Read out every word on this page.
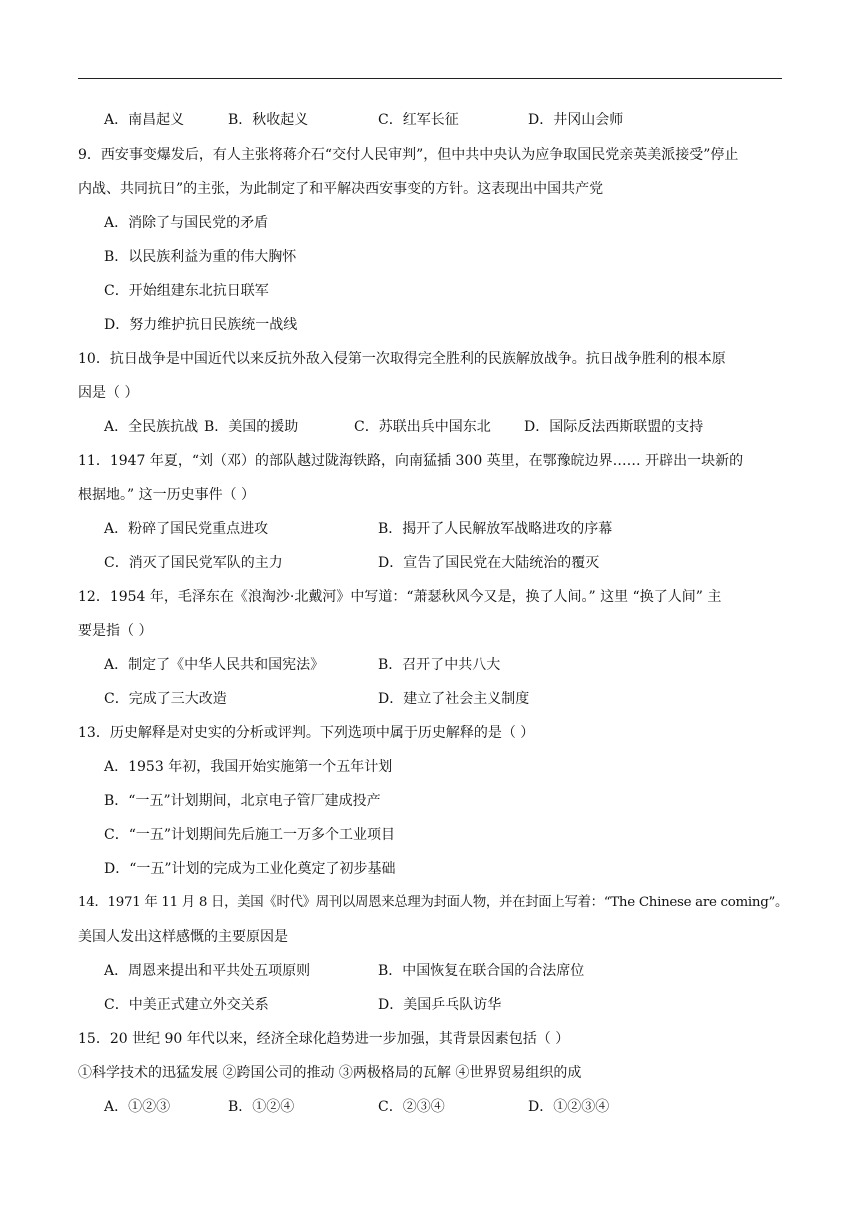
A．南昌起义	B．秋收起义	C．红军长征	D．井冈山会师
9．西安事变爆发后，有人主张将蒋介石“交付人民审判”，但中共中央认为应争取国民党亲英美派接受”停止
内战、共同抗日”的主张，为此制定了和平解决西安事变的方针。这表现出中国共产党
A．消除了与国民党的矛盾
B．以民族利益为重的伟大胸怀
C．开始组建东北抗日联军
D．努力维护抗日民族统一战线
10．抗日战争是中国近代以来反抗外敌入侵第一次取得完全胜利的民族解放战争。抗日战争胜利的根本原
因是（ ）
A．全民族抗战 B．美国的援助	C．苏联出兵中国东北 D．国际反法西斯联盟的支持
11．1947 年夏，“刘（邓）的部队越过陇海铁路，向南猛插 300 英里，在鄂豫皖边界…… 开辟出一块新的
根据地。” 这一历史事件（ ）
A．粉碎了国民党重点进攻	B．揭开了人民解放军战略进攻的序幕
C．消灭了国民党军队的主力	D．宣告了国民党在大陆统治的覆灭
12．1954 年，毛泽东在《浪淘沙·北戴河》中写道：“萧瑟秋风今又是，换了人间。” 这里 “换了人间” 主
要是指（ ）
A．制定了《中华人民共和国宪法》	B．召开了中共八大
C．完成了三大改造	D．建立了社会主义制度
13．历史解释是对史实的分析或评判。下列选项中属于历史解释的是（ ）
A．1953 年初，我国开始实施第一个五年计划
B．“一五”计划期间，北京电子管厂建成投产
C．“一五”计划期间先后施工一万多个工业项目
D．“一五”计划的完成为工业化奠定了初步基础
14．1971 年 11 月 8 日，美国《时代》周刊以周恩来总理为封面人物，并在封面上写着：“The Chinese are coming”。
美国人发出这样感慨的主要原因是
A．周恩来提出和平共处五项原则	B．中国恢复在联合国的合法席位
C．中美正式建立外交关系	D．美国乒乓队访华
15．20 世纪 90 年代以来，经济全球化趋势进一步加强，其背景因素包括（ ）
①科学技术的迅猛发展 ②跨国公司的推动 ③两极格局的瓦解 ④世界贸易组织的成
A．①②③	B．①②④	C．②③④	D．①②③④
